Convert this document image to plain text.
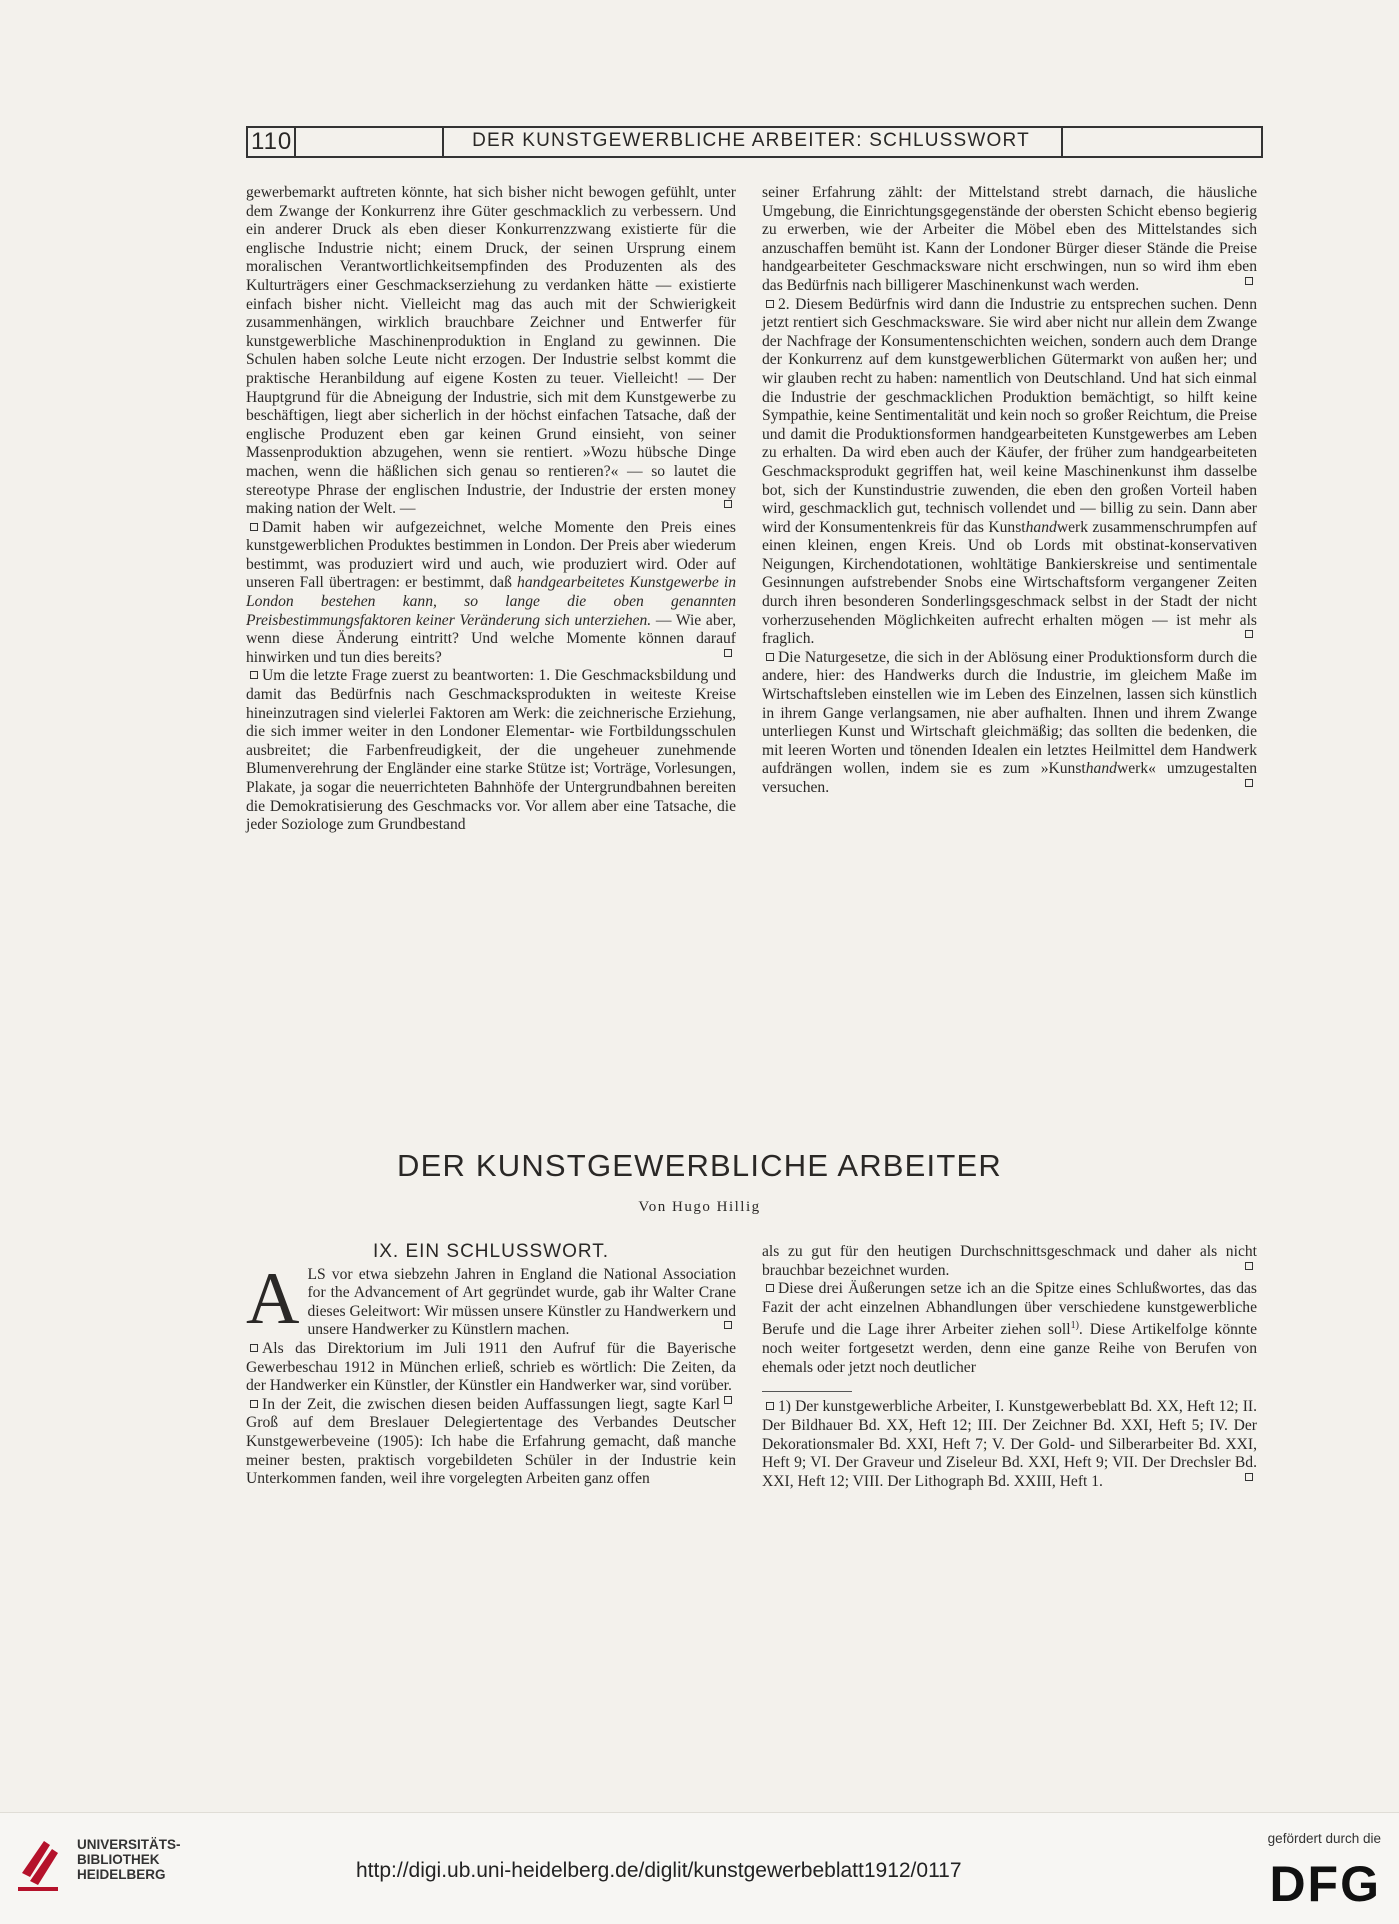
110	DER KUNSTGEWERBLICHE ARBEITER: SCHLUSSWORT

gewerbemarkt auftreten könnte, hat sich bisher nicht bewogen gefühlt, unter dem Zwange der Konkurrenz ihre Güter geschmacklich zu verbessern. Und ein anderer Druck als eben dieser Konkurrenzzwang existierte für die englische Industrie nicht; einem Druck, der seinen Ursprung einem moralischen Verantwortlichkeitsempfinden des Produzenten als des Kulturträgers einer Geschmackserziehung zu verdanken hätte — existierte einfach bisher nicht. Vielleicht mag das auch mit der Schwierigkeit zusammenhängen, wirklich brauchbare Zeichner und Entwerfer für kunstgewerbliche Maschinenproduktion in England zu gewinnen. Die Schulen haben solche Leute nicht erzogen. Der Industrie selbst kommt die praktische Heranbildung auf eigene Kosten zu teuer. Vielleicht! — Der Hauptgrund für die Abneigung der Industrie, sich mit dem Kunstgewerbe zu beschäftigen, liegt aber sicherlich in der höchst einfachen Tatsache, daß der englische Produzent eben gar keinen Grund einsieht, von seiner Massenproduktion abzugehen, wenn sie rentiert. »Wozu hübsche Dinge machen, wenn die häßlichen sich genau so rentieren?« — so lautet die stereotype Phrase der englischen Industrie, der Industrie der ersten money making nation der Welt. —

Damit haben wir aufgezeichnet, welche Momente den Preis eines kunstgewerblichen Produktes bestimmen in London. Der Preis aber wiederum bestimmt, was produziert wird und auch, wie produziert wird. Oder auf unseren Fall übertragen: er bestimmt, daß handgearbeitetes Kunstgewerbe in London bestehen kann, so lange die oben genannten Preisbestimmungsfaktoren keiner Veränderung sich unterziehen. — Wie aber, wenn diese Änderung eintritt? Und welche Momente können darauf hinwirken und tun dies bereits?

Um die letzte Frage zuerst zu beantworten: 1. Die Geschmacksbildung und damit das Bedürfnis nach Geschmacksprodukten in weiteste Kreise hineinzutragen sind vielerlei Faktoren am Werk: die zeichnerische Erziehung, die sich immer weiter in den Londoner Elementar- wie Fortbildungsschulen ausbreitet; die Farbenfreudigkeit, der die ungeheuer zunehmende Blumenverehrung der Engländer eine starke Stütze ist; Vorträge, Vorlesungen, Plakate, ja sogar die neuerrichteten Bahnhöfe der Untergrundbahnen bereiten die Demokratisierung des Geschmacks vor. Vor allem aber eine Tatsache, die jeder Soziologe zum Grundbestand

seiner Erfahrung zählt: der Mittelstand strebt darnach, die häusliche Umgebung, die Einrichtungsgegenstände der obersten Schicht ebenso begierig zu erwerben, wie der Arbeiter die Möbel eben des Mittelstandes sich anzuschaffen bemüht ist. Kann der Londoner Bürger dieser Stände die Preise handgearbeiteter Geschmacksware nicht erschwingen, nun so wird ihm eben das Bedürfnis nach billigerer Maschinenkunst wach werden.

2. Diesem Bedürfnis wird dann die Industrie zu entsprechen suchen. Denn jetzt rentiert sich Geschmacksware. Sie wird aber nicht nur allein dem Zwange der Nachfrage der Konsumentenschichten weichen, sondern auch dem Drange der Konkurrenz auf dem kunstgewerblichen Gütermarkt von außen her; und wir glauben recht zu haben: namentlich von Deutschland. Und hat sich einmal die Industrie der geschmacklichen Produktion bemächtigt, so hilft keine Sympathie, keine Sentimentalität und kein noch so großer Reichtum, die Preise und damit die Produktionsformen handgearbeiteten Kunstgewerbes am Leben zu erhalten. Da wird eben auch der Käufer, der früher zum handgearbeiteten Geschmacksprodukt gegriffen hat, weil keine Maschinenkunst ihm dasselbe bot, sich der Kunstindustrie zuwenden, die eben den großen Vorteil haben wird, geschmacklich gut, technisch vollendet und — billig zu sein. Dann aber wird der Konsumentenkreis für das Kunsthandwerk zusammenschrumpfen auf einen kleinen, engen Kreis. Und ob Lords mit obstinat-konservativen Neigungen, Kirchendotationen, wohltätige Bankierskreise und sentimentale Gesinnungen aufstrebender Snobs eine Wirtschaftsform vergangener Zeiten durch ihren besonderen Sonderlingsgeschmack selbst in der Stadt der nicht vorherzusehenden Möglichkeiten aufrecht erhalten mögen — ist mehr als fraglich.

Die Naturgesetze, die sich in der Ablösung einer Produktionsform durch die andere, hier: des Handwerks durch die Industrie, im gleichem Maße im Wirtschaftsleben einstellen wie im Leben des Einzelnen, lassen sich künstlich in ihrem Gange verlangsamen, nie aber aufhalten. Ihnen und ihrem Zwange unterliegen Kunst und Wirtschaft gleichmäßig; das sollten die bedenken, die mit leeren Worten und tönenden Idealen ein letztes Heilmittel dem Handwerk aufdrängen wollen, indem sie es zum »Kunsthandwerk« umzugestalten versuchen.

DER KUNSTGEWERBLICHE ARBEITER
Von Hugo Hillig
IX. EIN SCHLUSSWORT.

ALS vor etwa siebzehn Jahren in England die National Association for the Advancement of Art gegründet wurde, gab ihr Walter Crane dieses Geleitwort: Wir müssen unsere Künstler zu Handwerkern und unsere Handwerker zu Künstlern machen.

Als das Direktorium im Juli 1911 den Aufruf für die Bayerische Gewerbeschau 1912 in München erließ, schrieb es wörtlich: Die Zeiten, da der Handwerker ein Künstler, der Künstler ein Handwerker war, sind vorüber.

In der Zeit, die zwischen diesen beiden Auffassungen liegt, sagte Karl Groß auf dem Breslauer Delegiertentage des Verbandes Deutscher Kunstgewerbeveine (1905): Ich habe die Erfahrung gemacht, daß manche meiner besten, praktisch vorgebildeten Schüler in der Industrie kein Unterkommen fanden, weil ihre vorgelegten Arbeiten ganz offen

als zu gut für den heutigen Durchschnittsgeschmack und daher als nicht brauchbar bezeichnet wurden.

Diese drei Äußerungen setze ich an die Spitze eines Schlußwortes, das das Fazit der acht einzelnen Abhandlungen über verschiedene kunstgewerbliche Berufe und die Lage ihrer Arbeiter ziehen soll$^{1)}$. Diese Artikelfolge könnte noch weiter fortgesetzt werden, denn eine ganze Reihe von Berufen von ehemals oder jetzt noch deutlicher

1) Der kunstgewerbliche Arbeiter, I. Kunstgewerbeblatt Bd. XX, Heft 12; II. Der Bildhauer Bd. XX, Heft 12; III. Der Zeichner Bd. XXI, Heft 5; IV. Der Dekorationsmaler Bd. XXI, Heft 7; V. Der Gold- und Silberarbeiter Bd. XXI, Heft 9; VI. Der Graveur und Ziseleur Bd. XXI, Heft 9; VII. Der Drechsler Bd. XXI, Heft 12; VIII. Der Lithograph Bd. XXIII, Heft 1.

UNIVERSITÄTS-
BIBLIOTHEK
HEIDELBERG	http://digi.ub.uni-heidelberg.de/diglit/kunstgewerbeblatt1912/0117
gefördert durch die
DFG
